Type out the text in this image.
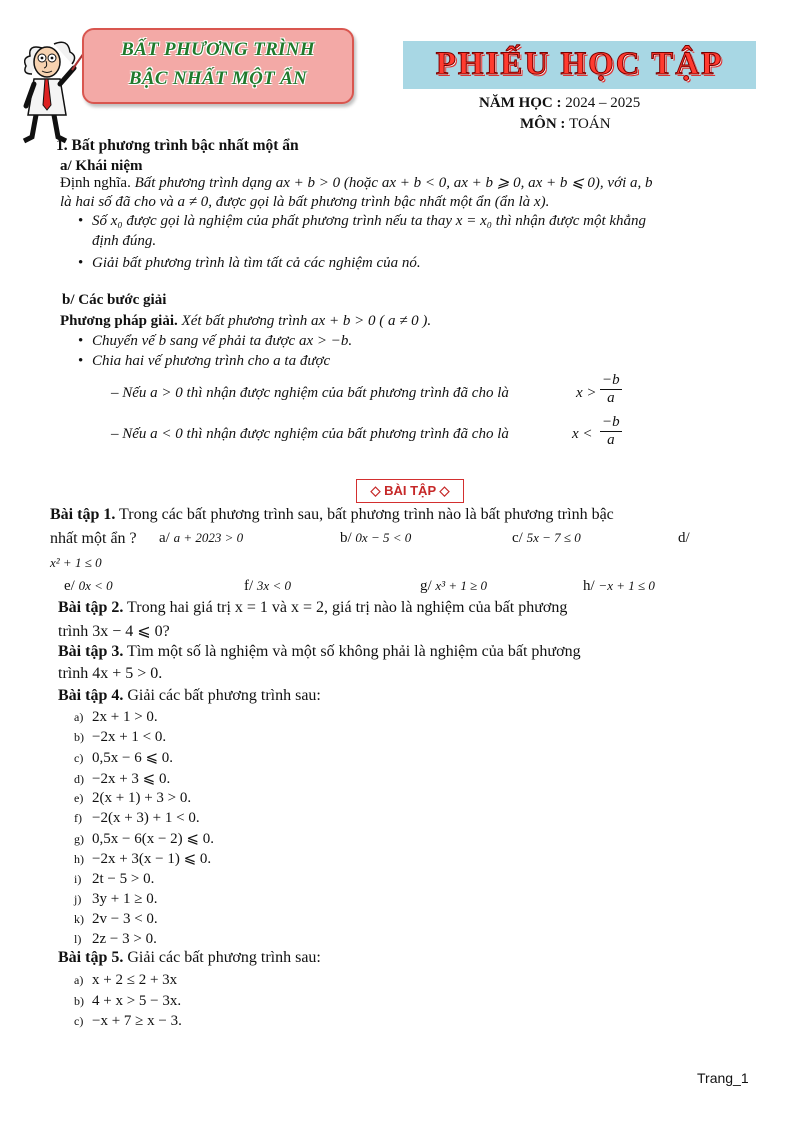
BẤT PHƯƠNG TRÌNH
BẬC NHẤT MỘT ẨN	PHIẾU HỌC TẬP
NĂM HỌC : 2024 – 2025
MÔN : TOÁN
1. Bất phương trình bậc nhất một ẩn
a/ Khái niệm
Định nghĩa. Bất phương trình dạng ax + b > 0 (hoặc ax + b < 0, ax + b ⩾ 0, ax + b ⩽ 0), với a, b
là hai số đã cho và a ≠ 0, được gọi là bất phương trình bậc nhất một ẩn (ẩn là x).
• Số x₀ được gọi là nghiệm của phất phương trình nếu ta thay x = x₀ thì nhận được một khẳng
định đúng.
• Giải bất phương trình là tìm tất cả các nghiệm của nó.
b/ Các bước giải
Phương pháp giải. Xét bất phương trình ax + b > 0 ( a ≠ 0 ).
• Chuyển vế b sang vế phải ta được ax > −b.
• Chia hai vế phương trình cho a ta được
– Nếu a > 0 thì nhận được nghiệm của bất phương trình đã cho là	$x > \frac{-b}{a}$
– Nếu a < 0 thì nhận được nghiệm của bất phương trình đã cho là	$x < \frac{-b}{a}$
◇ BÀI TẬP ◇
Bài tập 1. Trong các bất phương trình sau, bất phương trình nào là bất phương trình bậc
nhất một ẩn ? a/ a + 2023 > 0	b/ 0x − 5 < 0	c/ 5x − 7 ≤ 0	d/
x² + 1 ≤ 0
e/ 0x < 0	f/ 3x < 0	g/ x³ + 1 ≥ 0	h/ −x + 1 ≤ 0
Bài tập 2. Trong hai giá trị x = 1 và x = 2, giá trị nào là nghiệm của bất phương
trình 3x − 4 ⩽ 0?
Bài tập 3. Tìm một số là nghiệm và một số không phải là nghiệm của bất phương
trình 4x + 5 > 0.
Bài tập 4. Giải các bất phương trình sau:
a) 2x + 1 > 0.
b) −2x + 1 < 0.
c) 0,5x − 6 ⩽ 0.
d) −2x + 3 ⩽ 0.
e) 2(x + 1) + 3 > 0.
f) −2(x + 3) + 1 < 0.
g) 0,5x − 6(x − 2) ⩽ 0.
h) −2x + 3(x − 1) ⩽ 0.
i) 2t − 5 > 0.
j) 3y + 1 ≥ 0.
k) 2v − 3 < 0.
l) 2z − 3 > 0.
Bài tập 5. Giải các bất phương trình sau:
a) x + 2 ≤ 2 + 3x
b) 4 + x > 5 − 3x.
c) −x + 7 ≥ x − 3.
Trang_1
